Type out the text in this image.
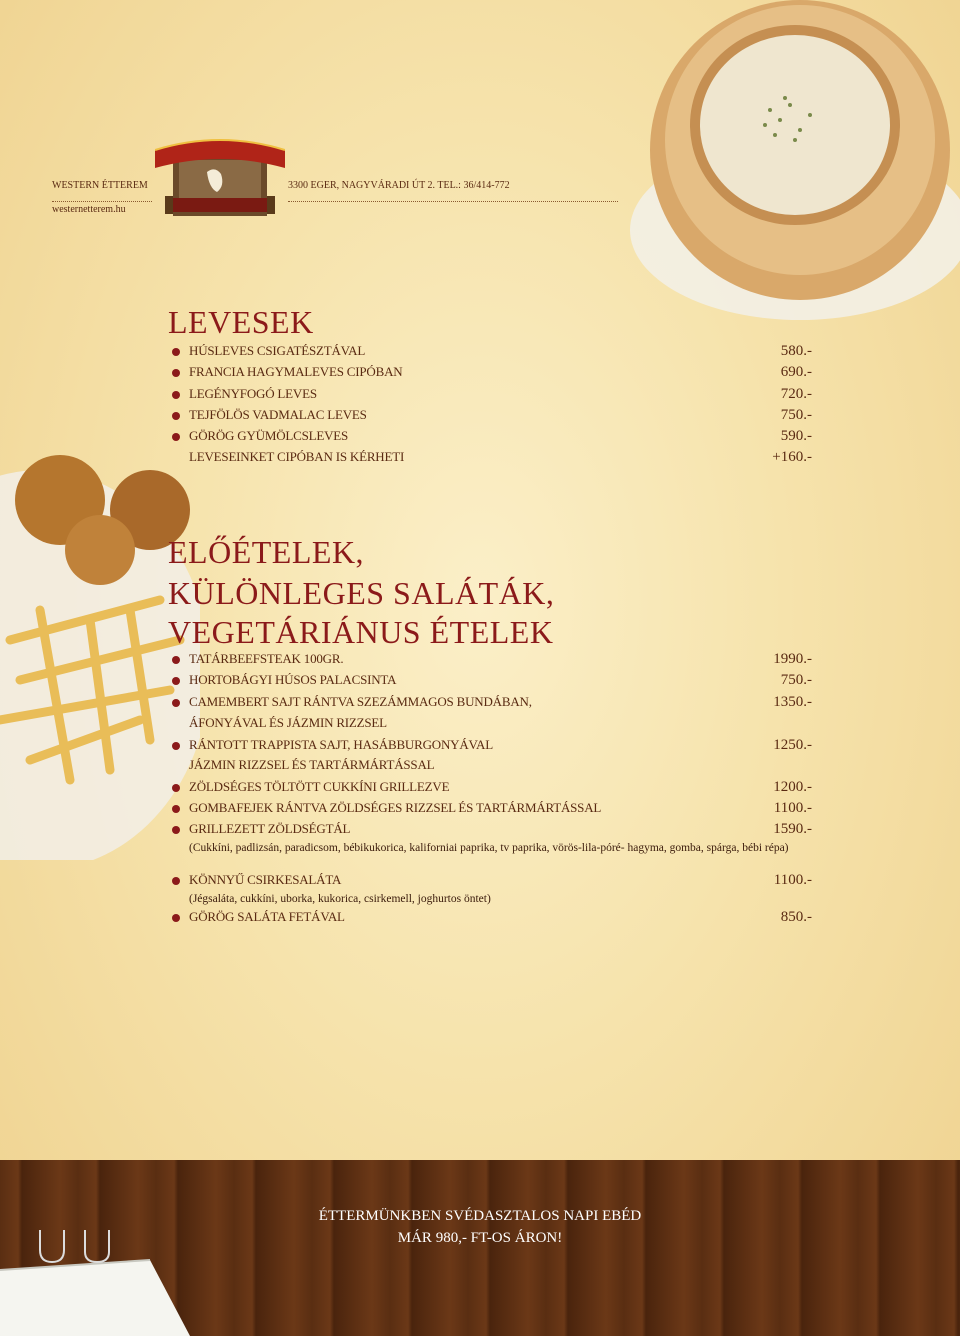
WESTERN ÉTTEREM
westernetterem.hu
3300 EGER, NAGYVÁRADI ÚT 2. TEL.: 36/414-772
LEVESEK
HÚSLEVES CSIGATÉSZTÁVAL	580.-
FRANCIA HAGYMALEVES CIPÓBAN	690.-
LEGÉNYFOGÓ LEVES	720.-
TEJFÖLÖS VADMALAC LEVES	750.-
GÖRÖG GYÜMÖLCSLEVES	590.-
LEVESEINKET CIPÓBAN IS KÉRHETI	+160.-
ELŐÉTELEK,
KÜLÖNLEGES SALÁTÁK,
VEGETÁRIÁNUS ÉTELEK
TATÁRBEEFSTEAK 100GR.	1990.-
HORTOBÁGYI HÚSOS PALACSINTA	750.-
CAMEMBERT SAJT RÁNTVA SZEZÁMMAGOS BUNDÁBAN,	1350.-
ÁFONYÁVAL ÉS JÁZMIN RIZZSEL
RÁNTOTT TRAPPISTA SAJT, HASÁBBURGONYÁVAL	1250.-
JÁZMIN RIZZSEL ÉS TARTÁRMÁRTÁSSAL
ZÖLDSÉGES TÖLTÖTT CUKKÍNI GRILLEZVE	1200.-
GOMBAFEJEK RÁNTVA ZÖLDSÉGES RIZZSEL ÉS TARTÁRMÁRTÁSSAL	1100.-
GRILLEZETT ZÖLDSÉGTÁL	1590.-
(Cukkíni, padlizsán, paradicsom, bébikukorica, kaliforniai paprika, tv paprika, vörös-lila-póré- hagyma, gomba, spárga, bébi répa)
KÖNNYŰ CSIRKESALÁTA	1100.-
(Jégsaláta, cukkíni, uborka, kukorica, csirkemell, joghurtos öntet)
GÖRÖG SALÁTA FETÁVAL	850.-
ÉTTERMÜNKBEN SVÉDASZTALOS NAPI EBÉD
MÁR 980,- FT-OS ÁRON!
